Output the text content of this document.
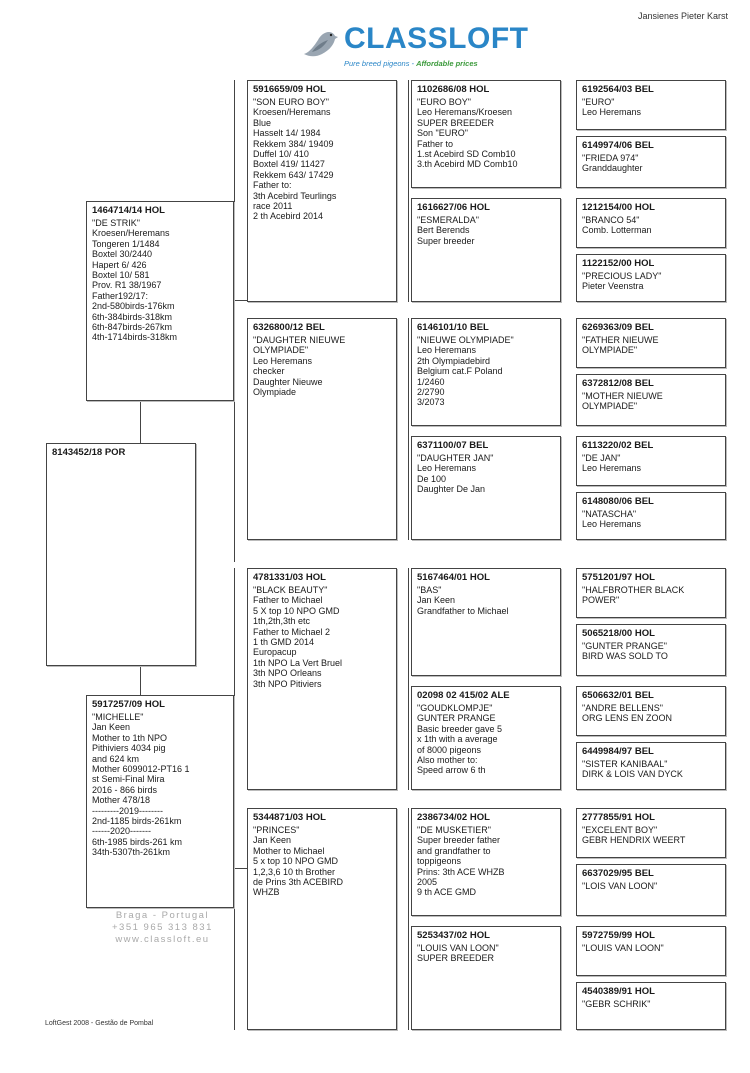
Jansienes Pieter Karst
CLASSLOFT
Pure breed pigeons - Affordable prices
8143452/18 POR
1464714/14 HOL
"DE STRIK"
Kroesen/Heremans
Tongeren 1/1484
Boxtel 30/2440
Hapert 6/ 426
Boxtel 10/ 581
Prov. R1 38/1967
Father192/17:
2nd-580birds-176km
6th-384birds-318km
6th-847birds-267km
4th-1714birds-318km
5917257/09 HOL
"MICHELLE"
Jan Keen
Mother to 1th NPO
Pithiviers 4034 pig
and 624 km
Mother 6099012-PT16 1
st Semi-Final Mira
2016 - 866 birds
Mother 478/18
---------2019--------
2nd-1185 birds-261km
------2020-------
6th-1985 birds-261 km
34th-5307th-261km
5916659/09 HOL
"SON EURO BOY"
Kroesen/Heremans
Blue
Hasselt 14/ 1984
Rekkem 384/ 19409
Duffel 10/ 410
Boxtel 419/ 11427
Rekkem 643/ 17429
Father to:
3th Acebird Teurlings
race 2011
2 th Acebird 2014
6326800/12 BEL
"DAUGHTER NIEUWE
OLYMPIADE"
Leo Heremans
checker
Daughter Nieuwe
Olympiade
4781331/03 HOL
"BLACK BEAUTY"
Father to Michael
5 X top 10 NPO GMD
1th,2th,3th etc
Father to Michael 2
1 th GMD 2014
Europacup
1th NPO La Vert Bruel
3th NPO Orleans
3th NPO Pitiviers
5344871/03 HOL
"PRINCES"
Jan Keen
Mother to Michael
5 x top 10 NPO GMD
1,2,3,6 10 th Brother
de Prins 3th ACEBIRD
WHZB
1102686/08 HOL
"EURO BOY"
Leo Heremans/Kroesen
SUPER BREEDER
Son "EURO"
Father to
1.st Acebird SD Comb10
3.th Acebird MD Comb10
1616627/06 HOL
"ESMERALDA"
Bert Berends
Super breeder
6146101/10 BEL
"NIEUWE OLYMPIADE"
Leo Heremans
2th Olympiadebird
Belgium cat.F Poland
1/2460
2/2790
3/2073
6371100/07 BEL
"DAUGHTER JAN"
Leo Heremans
De 100
Daughter De Jan
5167464/01 HOL
"BAS"
Jan Keen
Grandfather to Michael
02098 02 415/02 ALE
"GOUDKLOMPJE"
GUNTER PRANGE
Basic breeder gave 5
x 1th with a average
of 8000 pigeons
Also mother to:
Speed arrow 6 th
2386734/02 HOL
"DE MUSKETIER"
Super breeder father
and grandfather to
toppigeons
Prins: 3th ACE WHZB
2005
9 th ACE GMD
5253437/02 HOL
"LOUIS VAN LOON"
SUPER BREEDER
6192564/03 BEL
"EURO"
Leo Heremans
6149974/06 BEL
"FRIEDA 974"
Granddaughter
1212154/00 HOL
"BRANCO 54"
Comb. Lotterman
1122152/00 HOL
"PRECIOUS LADY"
Pieter Veenstra
6269363/09 BEL
"FATHER NIEUWE
OLYMPIADE"
6372812/08 BEL
"MOTHER NIEUWE
OLYMPIADE"
6113220/02 BEL
"DE JAN"
Leo Heremans
6148080/06 BEL
"NATASCHA"
Leo Heremans
5751201/97 HOL
"HALFBROTHER BLACK
POWER"
5065218/00 HOL
"GUNTER PRANGE"
BIRD WAS SOLD TO
6506632/01 BEL
"ANDRE BELLENS"
ORG LENS EN ZOON
6449984/97 BEL
"SISTER KANIBAAL"
DIRK & LOIS VAN DYCK
2777855/91 HOL
"EXCELENT BOY"
GEBR HENDRIX WEERT
6637029/95 BEL
"LOIS VAN LOON"
5972759/99 HOL
"LOUIS VAN LOON"
4540389/91 HOL
"GEBR SCHRIK"
Braga - Portugal
+351 965 313 831
www.classloft.eu
LoftGest 2008 - Gestão de Pombal
